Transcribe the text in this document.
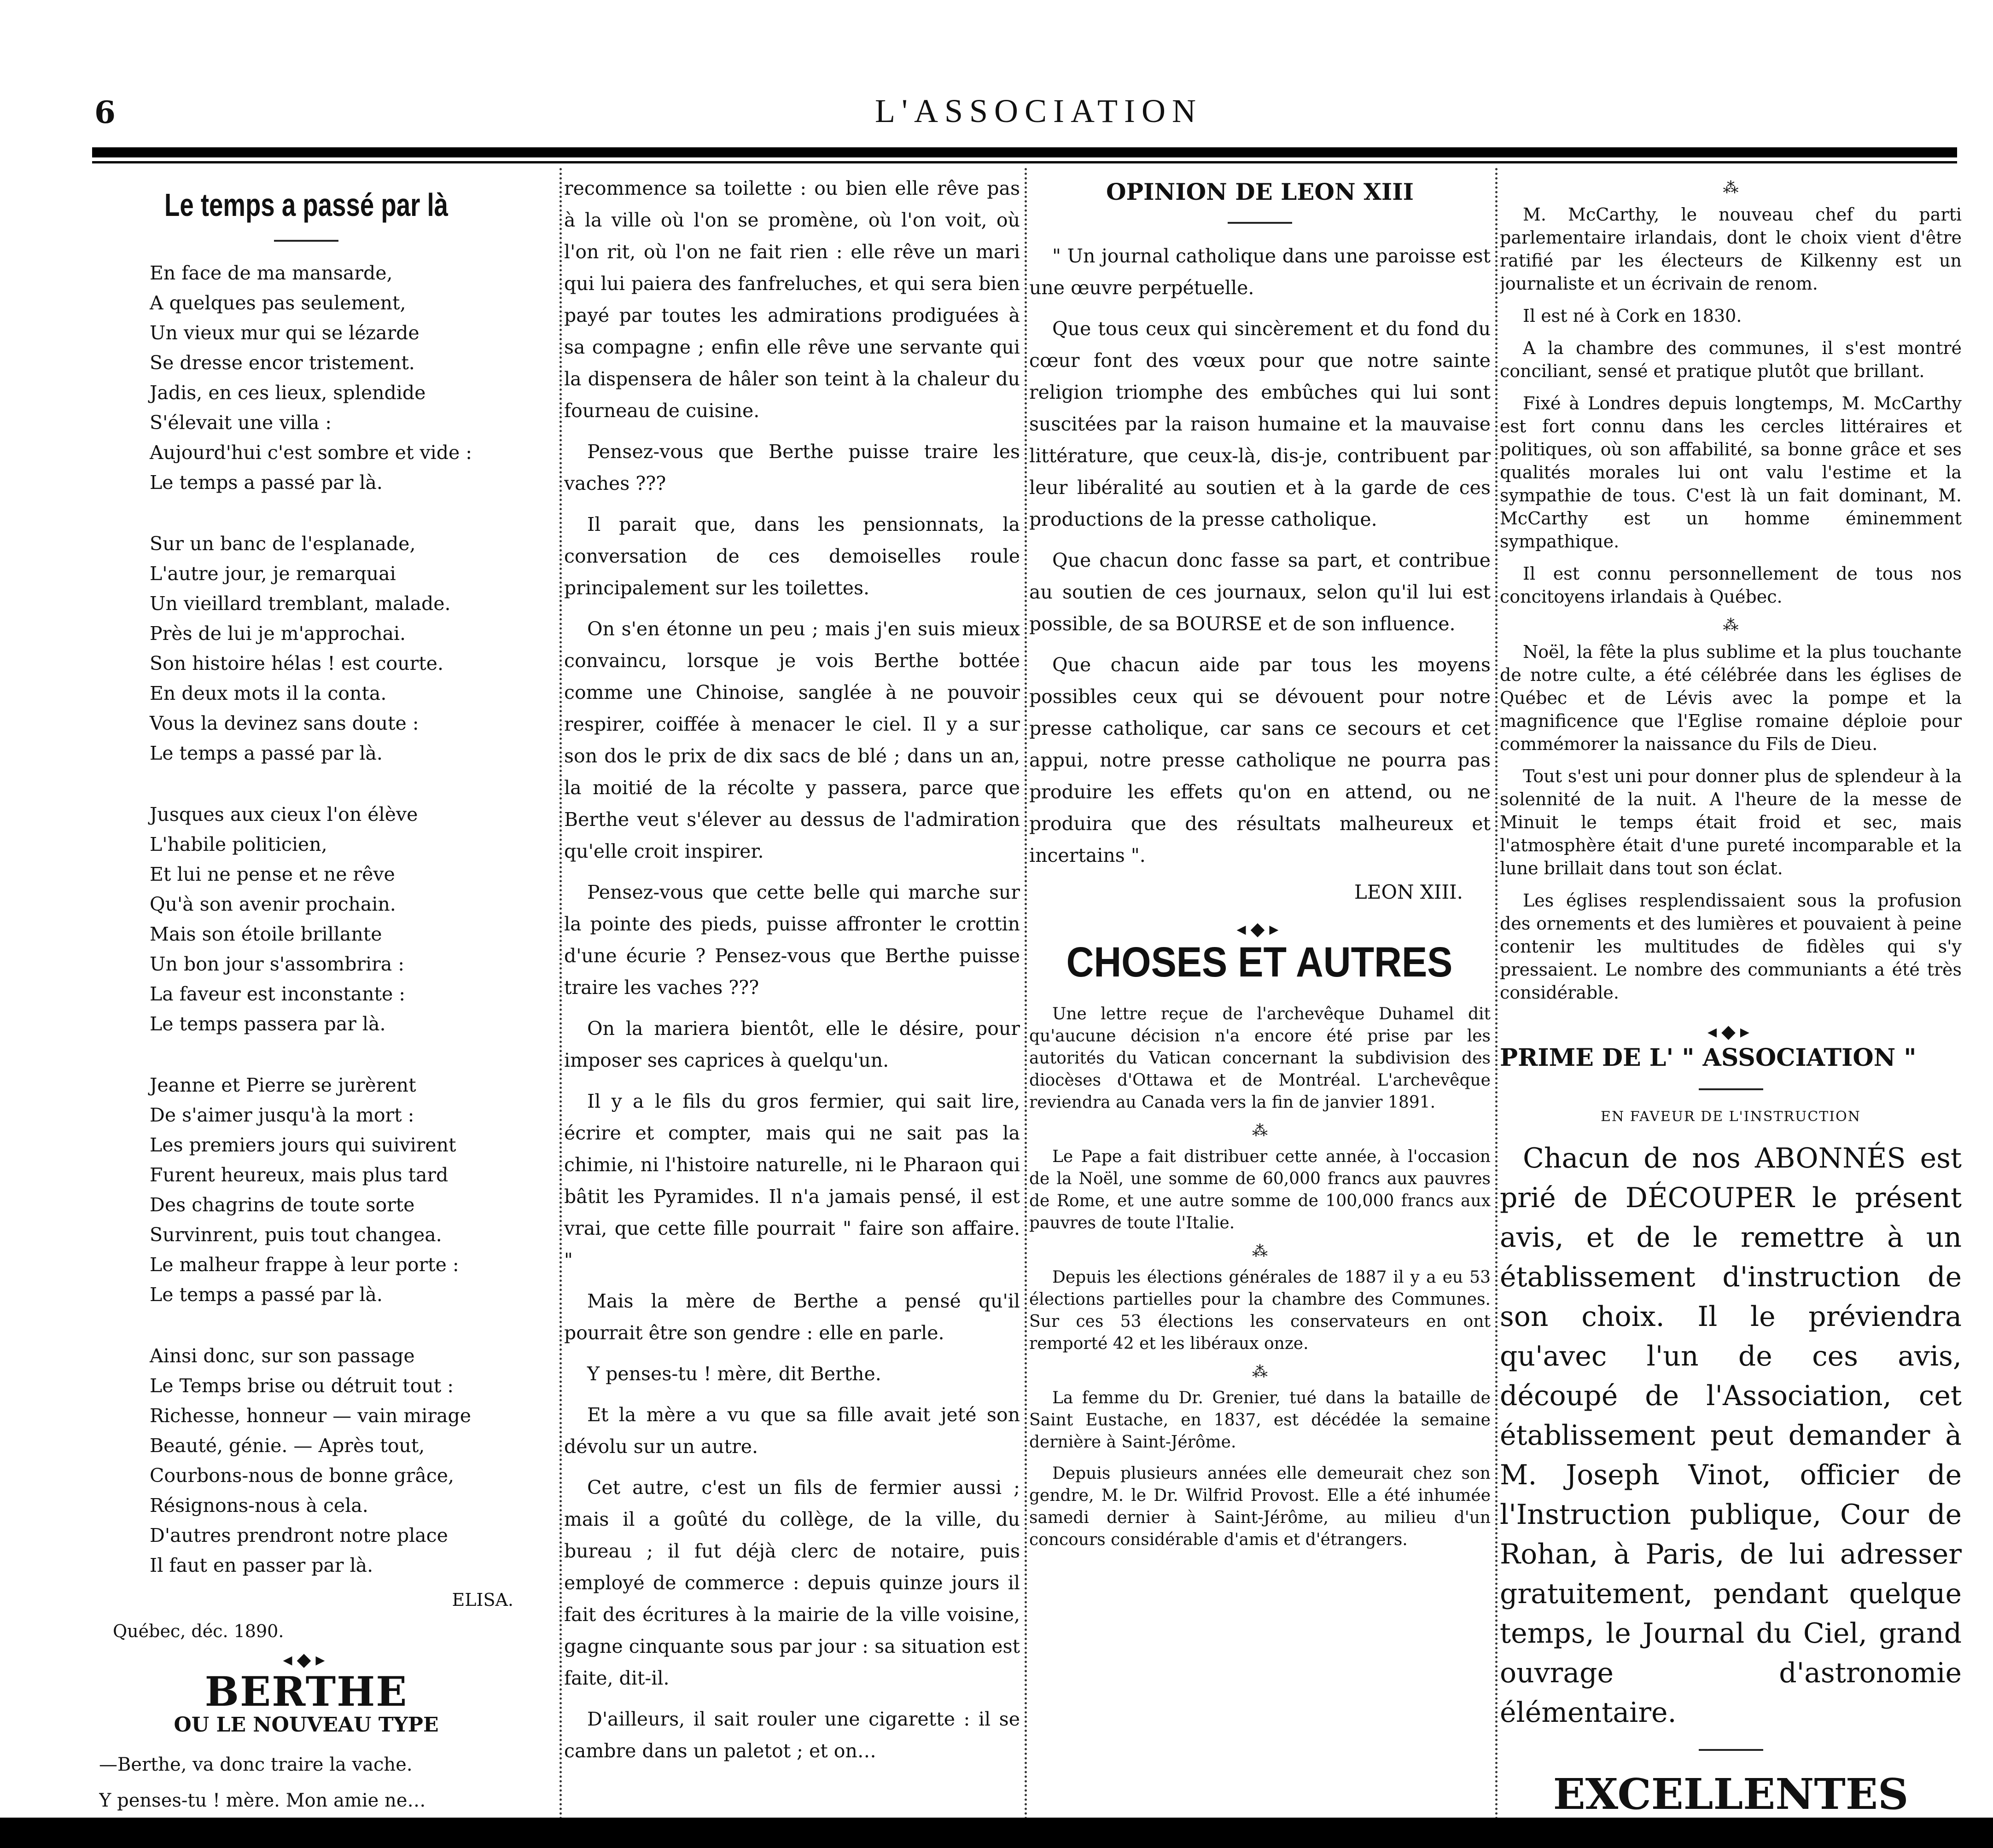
6	L'ASSOCIATION
Le temps a passé par là
En face de ma mansarde,
A quelques pas seulement,
Un vieux mur qui se lézarde
Se dresse encor tristement.
Jadis, en ces lieux, splendide
S'élevait une villa :
Aujourd'hui c'est sombre et vide :
Le temps a passé par là.
Sur un banc de l'esplanade,
L'autre jour, je remarquai
Un vieillard tremblant, malade.
Près de lui je m'approchai.
Son histoire hélas ! est courte.
En deux mots il la conta.
Vous la devinez sans doute :
Le temps a passé par là.
Jusques aux cieux l'on élève
L'habile politicien,
Et lui ne pense et ne rêve
Qu'à son avenir prochain.
Mais son étoile brillante
Un bon jour s'assombrira :
La faveur est inconstante :
Le temps passera par là.
Jeanne et Pierre se jurèrent
De s'aimer jusqu'à la mort :
Les premiers jours qui suivirent
Furent heureux, mais plus tard
Des chagrins de toute sorte
Survinrent, puis tout changea.
Le malheur frappe à leur porte :
Le temps a passé par là.
Ainsi donc, sur son passage
Le Temps brise ou détruit tout :
Richesse, honneur — vain mirage
Beauté, génie. — Après tout,
Courbons-nous de bonne grâce,
Résignons-nous à cela.
D'autres prendront notre place
Il faut en passer par là.
ELISA.
Québec, déc. 1890.
◂◆▸
BERTHE
OU LE NOUVEAU TYPE

—Berthe, va donc traire la vache.

Y penses-tu ! mère. Mon amie ne…

recommence sa toilette : ou bien elle rêve pas à la ville où l'on se promène, où l'on voit, où l'on rit, où l'on ne fait rien : elle rêve un mari qui lui paiera des fanfreluches, et qui sera bien payé par toutes les admirations prodiguées à sa compagne ; enfin elle rêve une servante qui la dispensera de hâler son teint à la chaleur du fourneau de cuisine.

Pensez-vous que Berthe puisse traire les vaches ???

Il parait que, dans les pensionnats, la conversation de ces demoiselles roule principalement sur les toilettes.

On s'en étonne un peu ; mais j'en suis mieux convaincu, lorsque je vois Berthe bottée comme une Chinoise, sanglée à ne pouvoir respirer, coiffée à menacer le ciel. Il y a sur son dos le prix de dix sacs de blé ; dans un an, la moitié de la récolte y passera, parce que Berthe veut s'élever au dessus de l'admiration qu'elle croit inspirer.

Pensez-vous que cette belle qui marche sur la pointe des pieds, puisse affronter le crottin d'une écurie ? Pensez-vous que Berthe puisse traire les vaches ???

On la mariera bientôt, elle le désire, pour imposer ses caprices à quelqu'un.

Il y a le fils du gros fermier, qui sait lire, écrire et compter, mais qui ne sait pas la chimie, ni l'histoire naturelle, ni le Pharaon qui bâtit les Pyramides. Il n'a jamais pensé, il est vrai, que cette fille pourrait " faire son affaire. "

Mais la mère de Berthe a pensé qu'il pourrait être son gendre : elle en parle.

Y penses-tu ! mère, dit Berthe.

Et la mère a vu que sa fille avait jeté son dévolu sur un autre.

Cet autre, c'est un fils de fermier aussi ; mais il a goûté du collège, de la ville, du bureau ; il fut déjà clerc de notaire, puis employé de commerce : depuis quinze jours il fait des écritures à la mairie de la ville voisine, gagne cinquante sous par jour : sa situation est faite, dit-il.

D'ailleurs, il sait rouler une cigarette : il se cambre dans un paletot ; et on…

OPINION DE LEON XIII

" Un journal catholique dans une paroisse est une œuvre perpétuelle.

Que tous ceux qui sincèrement et du fond du cœur font des vœux pour que notre sainte religion triomphe des embûches qui lui sont suscitées par la raison humaine et la mauvaise littérature, que ceux-là, dis-je, contribuent par leur libéralité au soutien et à la garde de ces productions de la presse catholique.

Que chacun donc fasse sa part, et contribue au soutien de ces journaux, selon qu'il lui est possible, de sa BOURSE et de son influence.

Que chacun aide par tous les moyens possibles ceux qui se dévouent pour notre presse catholique, car sans ce secours et cet appui, notre presse catholique ne pourra pas produire les effets qu'on en attend, ou ne produira que des résultats malheureux et incertains ".

LEON XIII.
◂◆▸
CHOSES ET AUTRES

Une lettre reçue de l'archevêque Duhamel dit qu'aucune décision n'a encore été prise par les autorités du Vatican concernant la subdivision des diocèses d'Ottawa et de Montréal. L'archevêque reviendra au Canada vers la fin de janvier 1891.

⁂

Le Pape a fait distribuer cette année, à l'occasion de la Noël, une somme de 60,000 francs aux pauvres de Rome, et une autre somme de 100,000 francs aux pauvres de toute l'Italie.

⁂

Depuis les élections générales de 1887 il y a eu 53 élections partielles pour la chambre des Communes. Sur ces 53 élections les conservateurs en ont remporté 42 et les libéraux onze.

⁂

La femme du Dr. Grenier, tué dans la bataille de Saint Eustache, en 1837, est décédée la semaine dernière à Saint-Jérôme.

Depuis plusieurs années elle demeurait chez son gendre, M. le Dr. Wilfrid Provost. Elle a été inhumée samedi dernier à Saint-Jérôme, au milieu d'un concours considérable d'amis et d'étrangers.

⁂

M. McCarthy, le nouveau chef du parti parlementaire irlandais, dont le choix vient d'être ratifié par les électeurs de Kilkenny est un journaliste et un écrivain de renom.

Il est né à Cork en 1830.

A la chambre des communes, il s'est montré conciliant, sensé et pratique plutôt que brillant.

Fixé à Londres depuis longtemps, M. McCarthy est fort connu dans les cercles littéraires et politiques, où son affabilité, sa bonne grâce et ses qualités morales lui ont valu l'estime et la sympathie de tous. C'est là un fait dominant, M. McCarthy est un homme éminemment sympathique.

Il est connu personnellement de tous nos concitoyens irlandais à Québec.

⁂

Noël, la fête la plus sublime et la plus touchante de notre culte, a été célébrée dans les églises de Québec et de Lévis avec la pompe et la magnificence que l'Eglise romaine déploie pour commémorer la naissance du Fils de Dieu.

Tout s'est uni pour donner plus de splendeur à la solennité de la nuit. A l'heure de la messe de Minuit le temps était froid et sec, mais l'atmosphère était d'une pureté incomparable et la lune brillait dans tout son éclat.

Les églises resplendissaient sous la profusion des ornements et des lumières et pouvaient à peine contenir les multitudes de fidèles qui s'y pressaient. Le nombre des communiants a été très considérable.

◂◆▸
PRIME DE L' " ASSOCIATION "
EN FAVEUR DE L'INSTRUCTION

Chacun de nos ABONNÉS est prié de DÉCOUPER le présent avis, et de le remettre à un établissement d'instruction de son choix. Il le préviendra qu'avec l'un de ces avis, découpé de l'Association, cet établissement peut demander à M. Joseph Vinot, officier de l'Instruction publique, Cour de Rohan, à Paris, de lui adresser gratuitement, pendant quelque temps, le Journal du Ciel, grand ouvrage d'astronomie élémentaire.

EXCELLENTES
